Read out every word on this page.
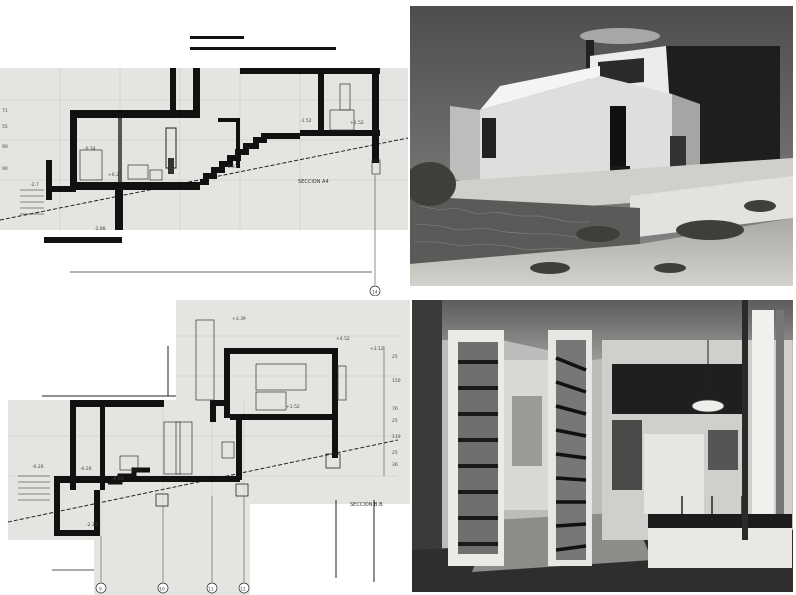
14
SECCION A4
-0.34
-1.52	+1.52
+0.27
-0.91
-2.88
-2.7
71
55
90
90
9	10	11	12
SECCION B.B
+3.39
+4.52
+1.52
-0.26	-0.26
-0.91
-2.27
+3.12
25
150
76
25
119
25
36
